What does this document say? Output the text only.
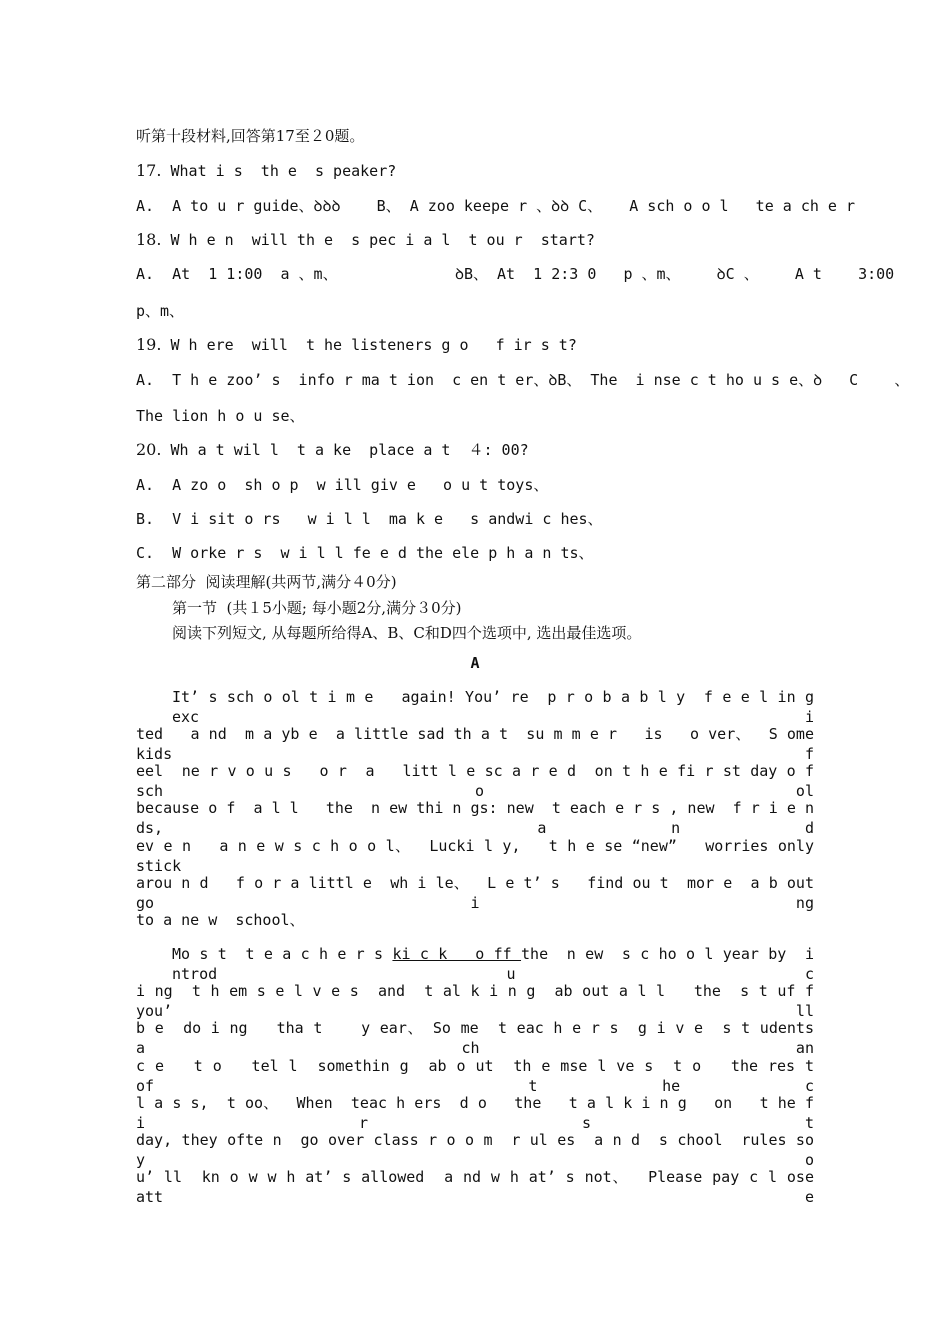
听第十段材料,回答第17至２0题。
17. What i s  th e  s peaker?
A.  A to u r guide、ꝺꝺꝺ    B、 A zoo keepe r 、ꝺꝺ C、   A sch o o l   te a ch e r
18. W h e n  will th e  s pec i a l  t ou r  start?
A.  At  1 1:00  a 、m、             ꝺB、 At  1 2:3 0   p 、m、    ꝺC 、    A t    3:00
p、m、
19. W h ere  will  t he listeners g o   f ir s t?
A.  T h e zoo’ s  info r ma t ion  c en t er、ꝺB、 The  i nse c t ho u s e、ꝺ   C    、
The lion h o u se、
20. Wh a t wil l  t a ke  place a t  ４: 00?
A.  A zo o  sh o p  w ill giv e   o u t toys、
B.  V i sit o rs   w i l l  ma k e   s andwi c hes、
C.  W orke r s  w i l l fe e d the ele p h a n ts、
第二部分  阅读理解(共两节,满分４0分)
第一节  (共１5小题; 每小题2分,满分３0分)
阅读下列短文, 从每题所给得A、B、C和D四个选项中, 选出最佳选项。
A
It’ s sch o ol t i m e   again! You’ re  p r o b a b l y  f e e l in g  exc i
ted   a nd  m a yb e  a little sad th a t  su m m e r   is   o ver、  S ome kids  f
eel  ne r v o u s   o r  a   litt l e sc a r e d  on t h e fi r st day o f  sch o ol
because o f  a l l   the  n ew thi n gs: new  t each e r s , new  f r i e n ds,   a n d
ev e n   a n e w s c h o o l、  Lucki l y,   t h e se “new”   worries only stick
arou n d   f o r a littl e  wh i le、  L e t’ s   find ou t  mor e  a b out go i ng
to a ne w  school、
Mo s t  t e a c h e r s ki c k   o ff the  n ew  s c ho o l year by  i ntrod u c
i ng  t h em s e l v e s  and  t al k i n g  ab out a l l   the  s t uf f  you’ ll
b e  do i ng   tha t    y ear、 So me  t eac h e r s  g i v e  s t udents   a ch an
c e   t o   tel l  somethin g  ab o ut  th e mse l ve s  t o   the res t  of   t he c
l a s s,  t oo、  When  teac h ers  d o   the   t a l k i n g   on   t he f i r s t
day, they ofte n  go over class r o o m  r ul es  a n d  s chool  rules so y o
u’ ll  kn o w w h at’ s allowed  a nd w h at’ s not、  Please pay c l ose att e
